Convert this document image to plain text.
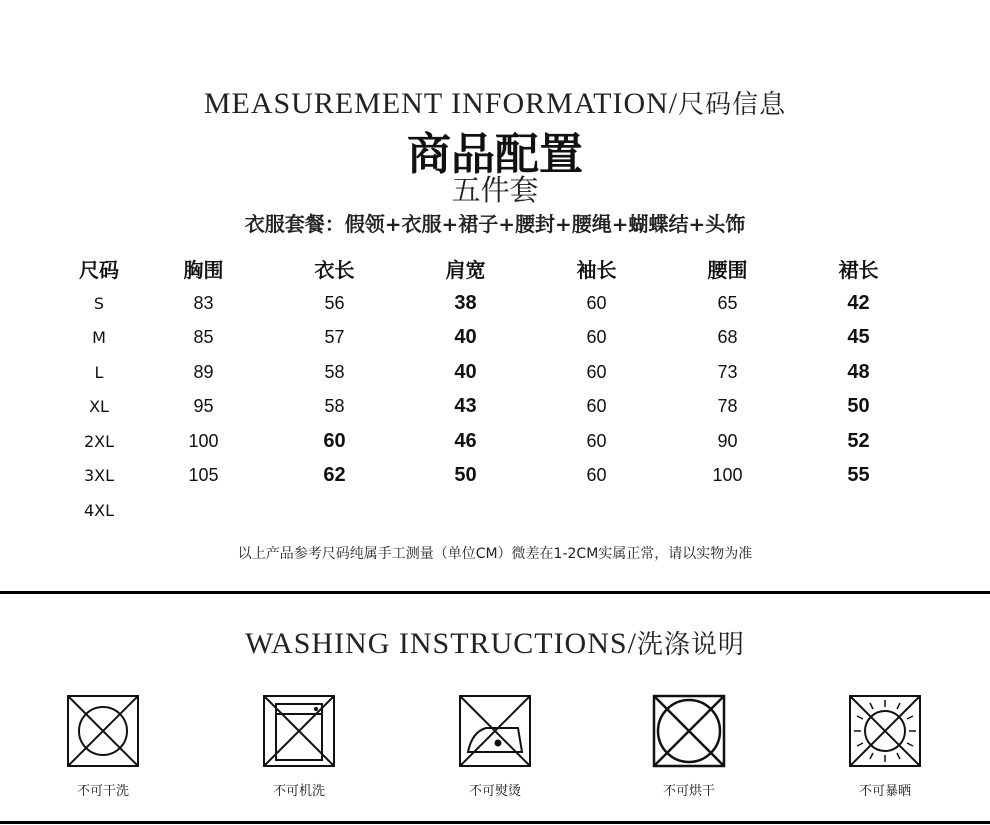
MEASUREMENT INFORMATION/尺码信息
商品配置
五件套
衣服套餐：假领+衣服+裙子+腰封+腰绳+蝴蝶结+头饰
尺码	胸围	衣长	肩宽	袖长	腰围	裙长
S	83	56	38	60	65	42
M	85	57	40	60	68	45
L	89	58	40	60	73	48
XL	95	58	43	60	78	50
2XL	100	60	46	60	90	52
3XL	105	62	50	60	100	55
4XL						
以上产品参考尺码纯属手工测量（单位CM）微差在1-2CM实属正常，请以实物为准
WASHING INSTRUCTIONS/洗涤说明
不可干洗	不可机洗	不可熨烫	不可烘干	不可暴晒
